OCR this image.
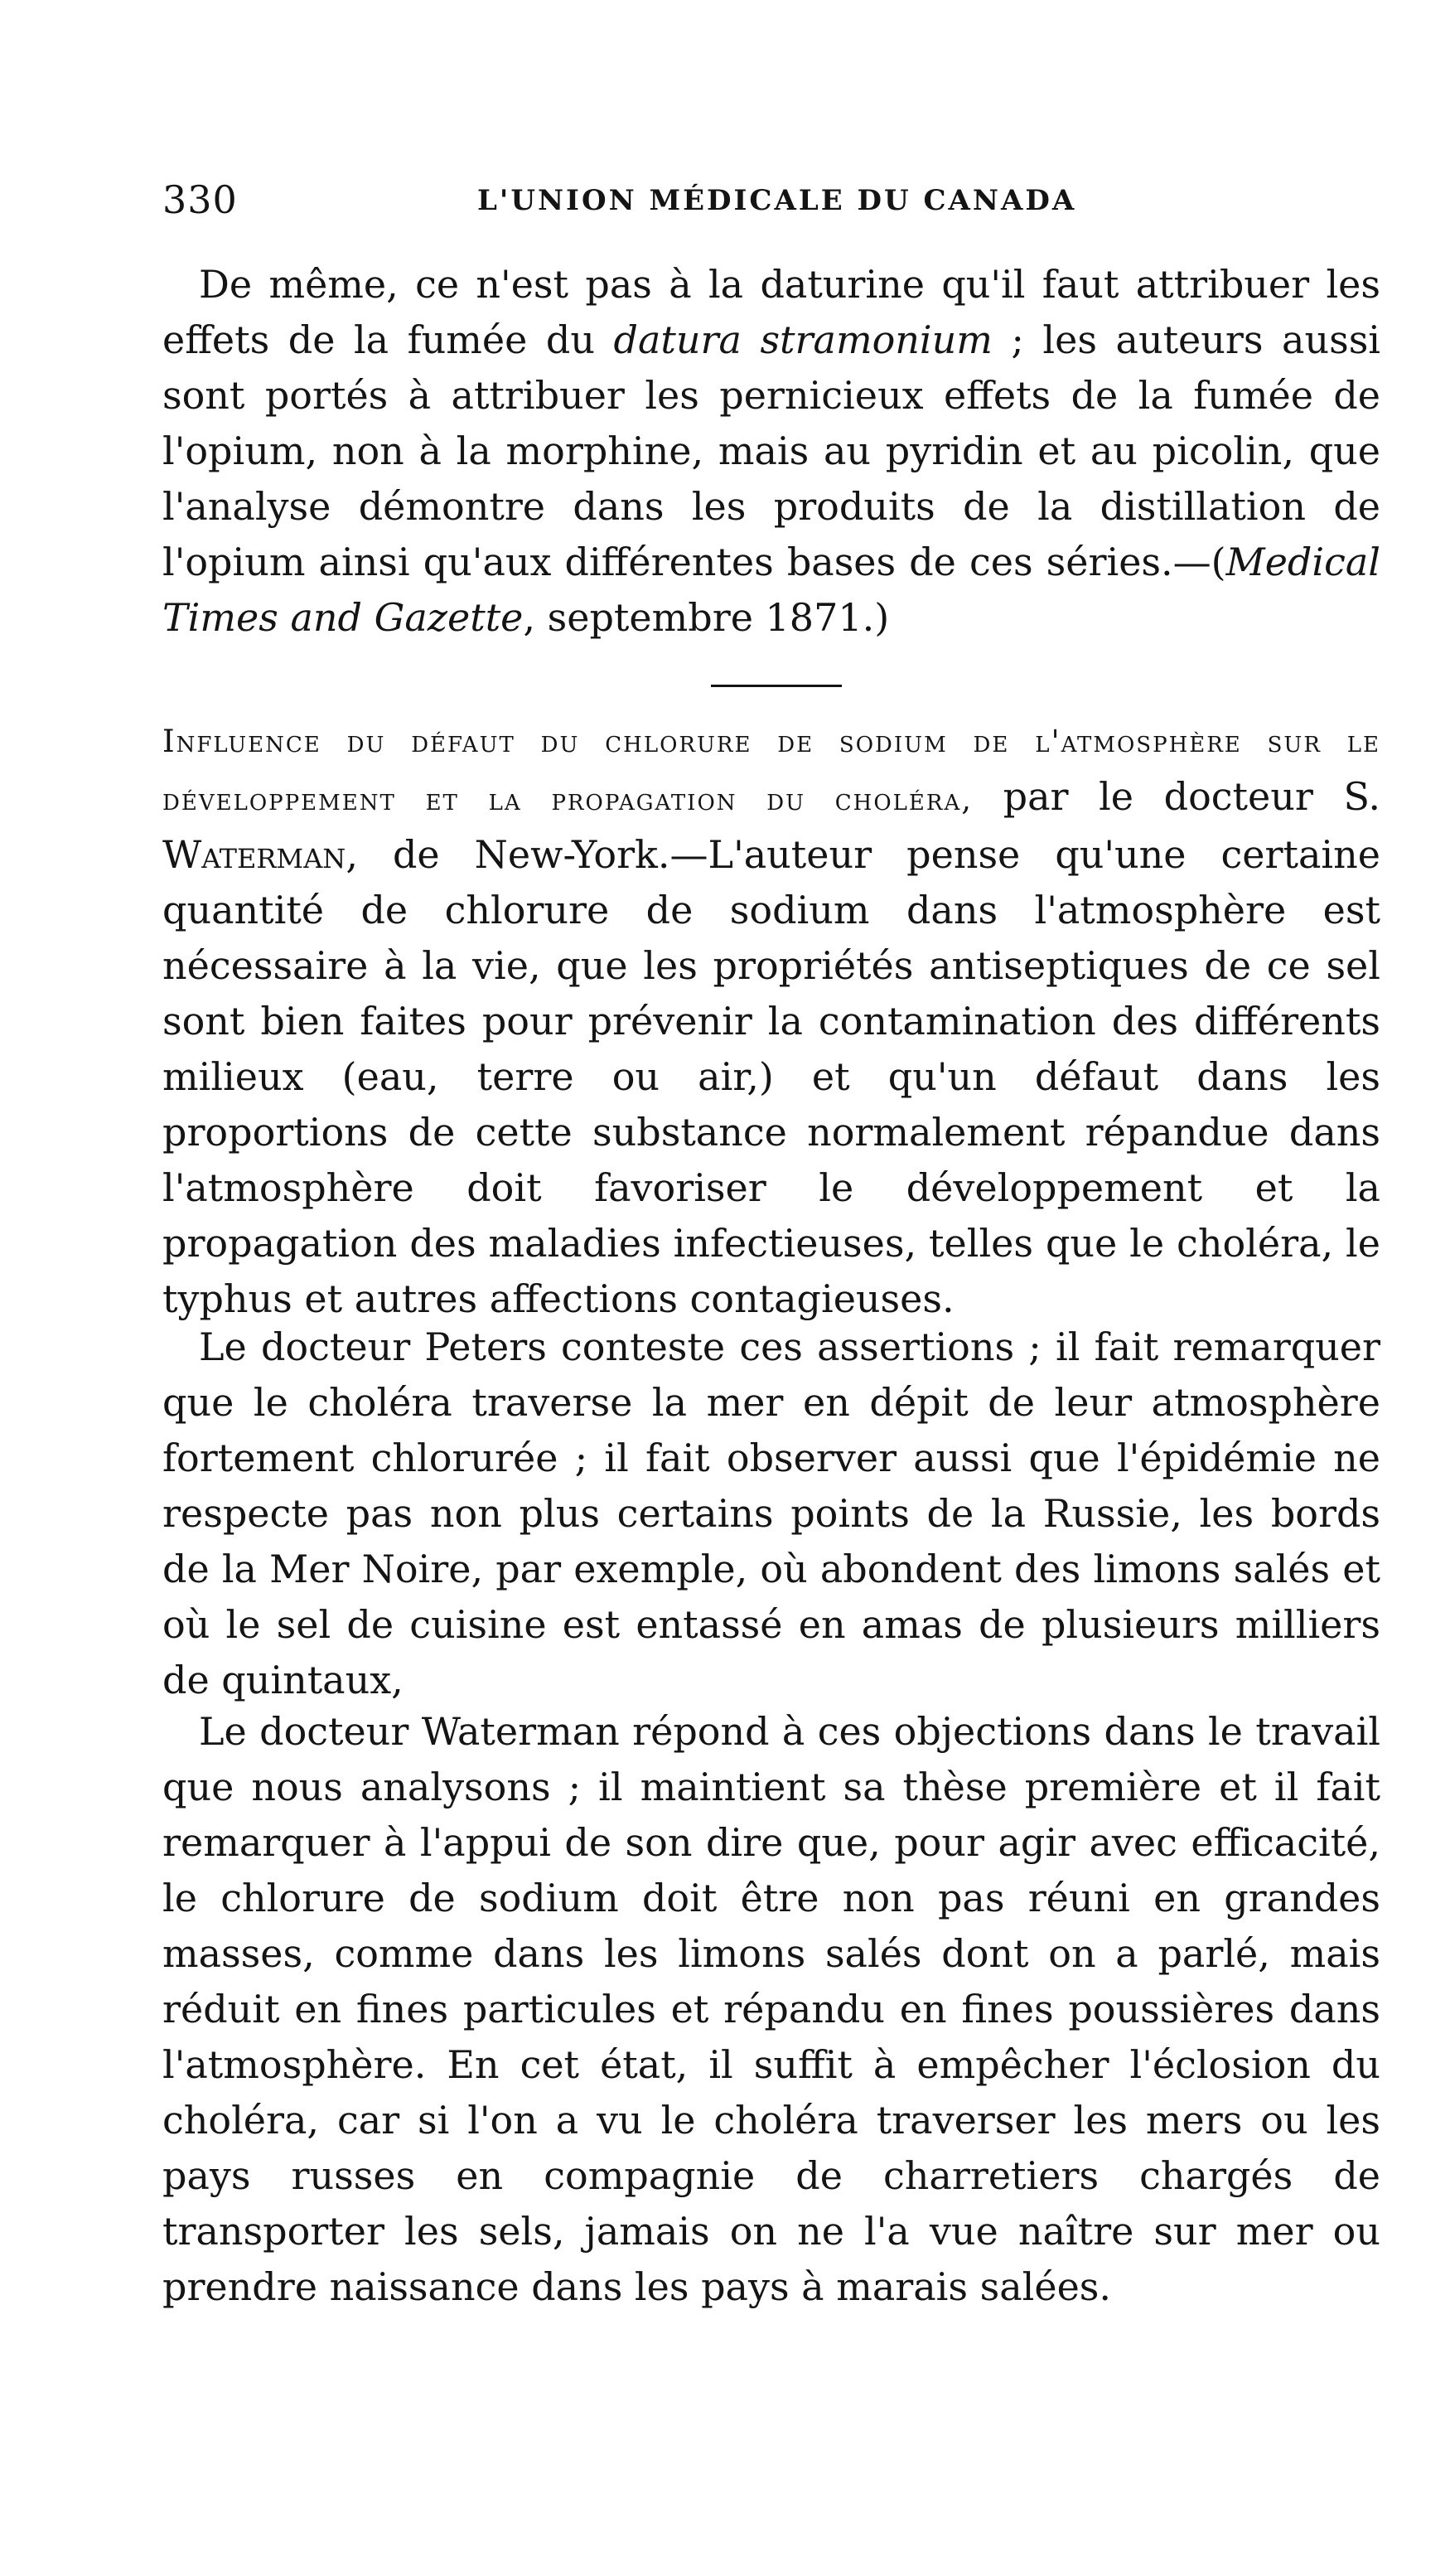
330	L'UNION MÉDICALE DU CANADA

De même, ce n'est pas à la daturine qu'il faut attribuer les effets de la fumée du datura stramonium ; les auteurs aussi sont portés à attribuer les pernicieux effets de la fumée de l'opium, non à la morphine, mais au pyridin et au picolin, que l'analyse démontre dans les produits de la distillation de l'opium ainsi qu'aux différentes bases de ces séries.—(Medical Times and Gazette, septembre 1871.)

Influence du défaut du chlorure de sodium de l'atmosphère sur le développement et la propagation du choléra, par le docteur S. Waterman, de New-York.—L'auteur pense qu'une certaine quantité de chlorure de sodium dans l'atmosphère est nécessaire à la vie, que les propriétés antiseptiques de ce sel sont bien faites pour prévenir la contamination des différents milieux (eau, terre ou air,) et qu'un défaut dans les proportions de cette substance normalement répandue dans l'atmosphère doit favoriser le développement et la propagation des maladies infectieuses, telles que le choléra, le typhus et autres affections contagieuses.

Le docteur Peters conteste ces assertions ; il fait remarquer que le choléra traverse la mer en dépit de leur atmosphère fortement chlorurée ; il fait observer aussi que l'épidémie ne respecte pas non plus certains points de la Russie, les bords de la Mer Noire, par exemple, où abondent des limons salés et où le sel de cuisine est entassé en amas de plusieurs milliers de quintaux,

Le docteur Waterman répond à ces objections dans le travail que nous analysons ; il maintient sa thèse première et il fait remarquer à l'appui de son dire que, pour agir avec efficacité, le chlorure de sodium doit être non pas réuni en grandes masses, comme dans les limons salés dont on a parlé, mais réduit en fines particules et répandu en fines poussières dans l'atmosphère. En cet état, il suffit à empêcher l'éclosion du choléra, car si l'on a vu le choléra traverser les mers ou les pays russes en compagnie de charretiers chargés de transporter les sels, jamais on ne l'a vue naître sur mer ou prendre naissance dans les pays à marais salées.
